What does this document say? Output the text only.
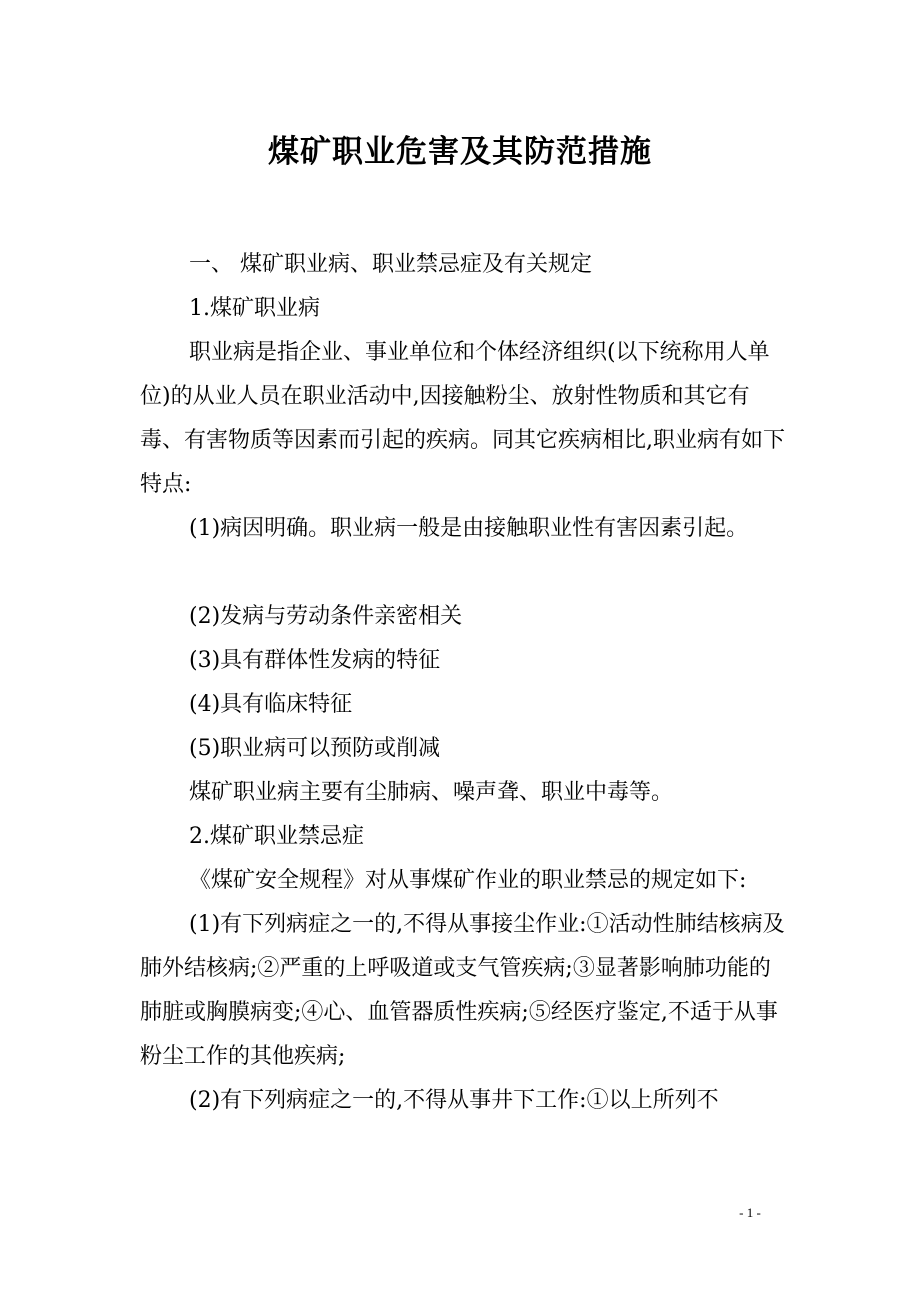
煤矿职业危害及其防范措施

一、 煤矿职业病、职业禁忌症及有关规定

1.煤矿职业病

职业病是指企业、事业单位和个体经济组织(以下统称用人单位)的从业人员在职业活动中,因接触粉尘、放射性物质和其它有毒、有害物质等因素而引起的疾病。同其它疾病相比,职业病有如下特点:

(1)病因明确。职业病一般是由接触职业性有害因素引起。

(2)发病与劳动条件亲密相关

(3)具有群体性发病的特征

(4)具有临床特征

(5)职业病可以预防或削减

煤矿职业病主要有尘肺病、噪声聋、职业中毒等。

2.煤矿职业禁忌症

《煤矿安全规程》对从事煤矿作业的职业禁忌的规定如下:

(1)有下列病症之一的,不得从事接尘作业:①活动性肺结核病及肺外结核病;②严重的上呼吸道或支气管疾病;③显著影响肺功能的肺脏或胸膜病变;④心、血管器质性疾病;⑤经医疗鉴定,不适于从事粉尘工作的其他疾病;

(2)有下列病症之一的,不得从事井下工作:①以上所列不

- 1 -
